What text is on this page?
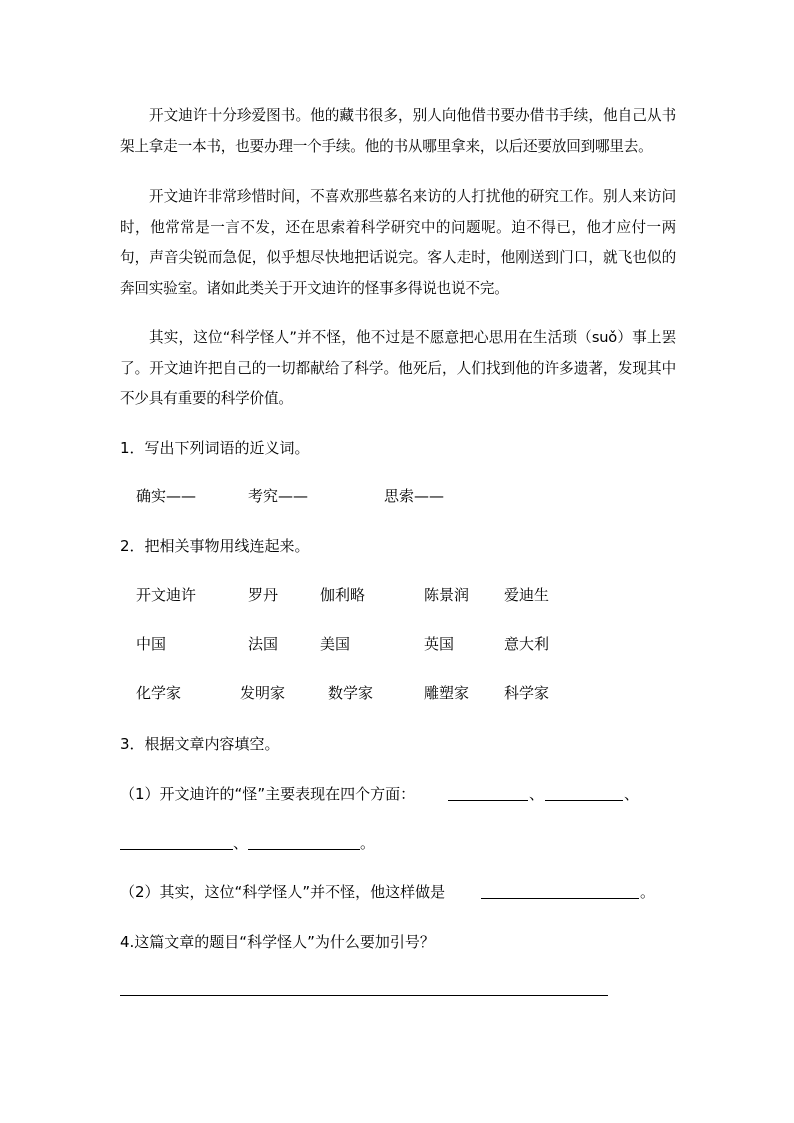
开文迪许十分珍爱图书。他的藏书很多，别人向他借书要办借书手续，他自己从书架上拿走一本书，也要办理一个手续。他的书从哪里拿来，以后还要放回到哪里去。

开文迪许非常珍惜时间，不喜欢那些慕名来访的人打扰他的研究工作。别人来访问时，他常常是一言不发，还在思索着科学研究中的问题呢。迫不得已，他才应付一两句，声音尖锐而急促，似乎想尽快地把话说完。客人走时，他刚送到门口，就飞也似的奔回实验室。诸如此类关于开文迪许的怪事多得说也说不完。

其实，这位“科学怪人”并不怪，他不过是不愿意把心思用在生活琐（suǒ）事上罢了。开文迪许把自己的一切都献给了科学。他死后，人们找到他的许多遗著，发现其中不少具有重要的科学价值。

1．写出下列词语的近义词。
确实——	考究——	思索——
2．把相关事物用线连起来。
开文迪许	罗丹	伽利略	陈景润 爱迪生
中国	法国	美国	英国	意大利
化学家	发明家	数学家	雕塑家 科学家
3．根据文章内容填空。
（1）开文迪许的“怪”主要表现在四个方面：	、	、
、	。
（2）其实，这位“科学怪人”并不怪，他这样做是	。
4.这篇文章的题目“科学怪人”为什么要加引号？
